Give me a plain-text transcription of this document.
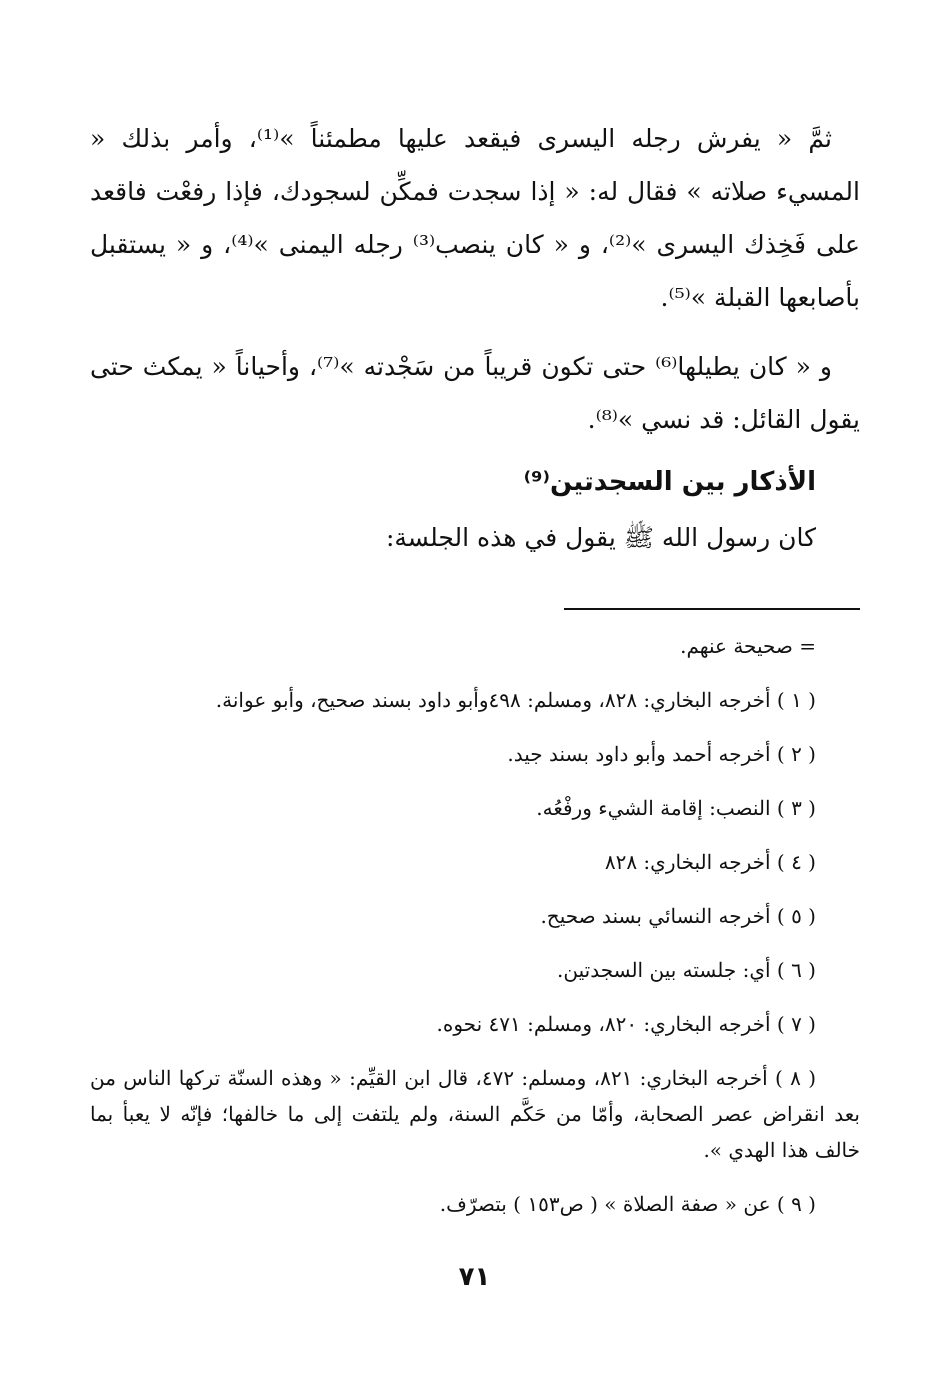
ثمَّ « يفرش رجله اليسرى فيقعد عليها مطمئناً »⁽¹⁾، وأمر بذلك « المسيء صلاته » فقال له: « إذا سجدت فمكِّن لسجودك، فإذا رفعْت فاقعد على فَخِذك اليسرى »⁽²⁾، و « كان ينصب⁽³⁾ رجله اليمنى »⁽⁴⁾، و « يستقبل بأصابعها القبلة »⁽⁵⁾.

و « كان يطيلها⁽⁶⁾ حتى تكون قريباً من سَجْدته »⁽⁷⁾، وأحياناً « يمكث حتى يقول القائل: قد نسي »⁽⁸⁾.

الأذكار بين السجدتين⁽⁹⁾
كان رسول الله ﷺ يقول في هذه الجلسة:
= صحيحة عنهم.
( ١ ) أخرجه البخاري: ٨٢٨، ومسلم: ٤٩٨وأبو داود بسند صحيح، وأبو عوانة.
( ٢ ) أخرجه أحمد وأبو داود بسند جيد.
( ٣ ) النصب: إقامة الشيء ورفْعُه.
( ٤ ) أخرجه البخاري: ٨٢٨
( ٥ ) أخرجه النسائي بسند صحيح.
( ٦ ) أي: جلسته بين السجدتين.
( ٧ ) أخرجه البخاري: ٨٢٠، ومسلم: ٤٧١ نحوه.
( ٨ ) أخرجه البخاري: ٨٢١، ومسلم: ٤٧٢، قال ابن القيِّم: « وهذه السنّة تركها الناس من بعد انقراض عصر الصحابة، وأمّا من حَكَّم السنة، ولم يلتفت إلى ما خالفها؛ فإنّه لا يعبأ بما خالف هذا الهدي ».
( ٩ ) عن « صفة الصلاة » ( ص١٥٣ ) بتصرّف.
٧١
